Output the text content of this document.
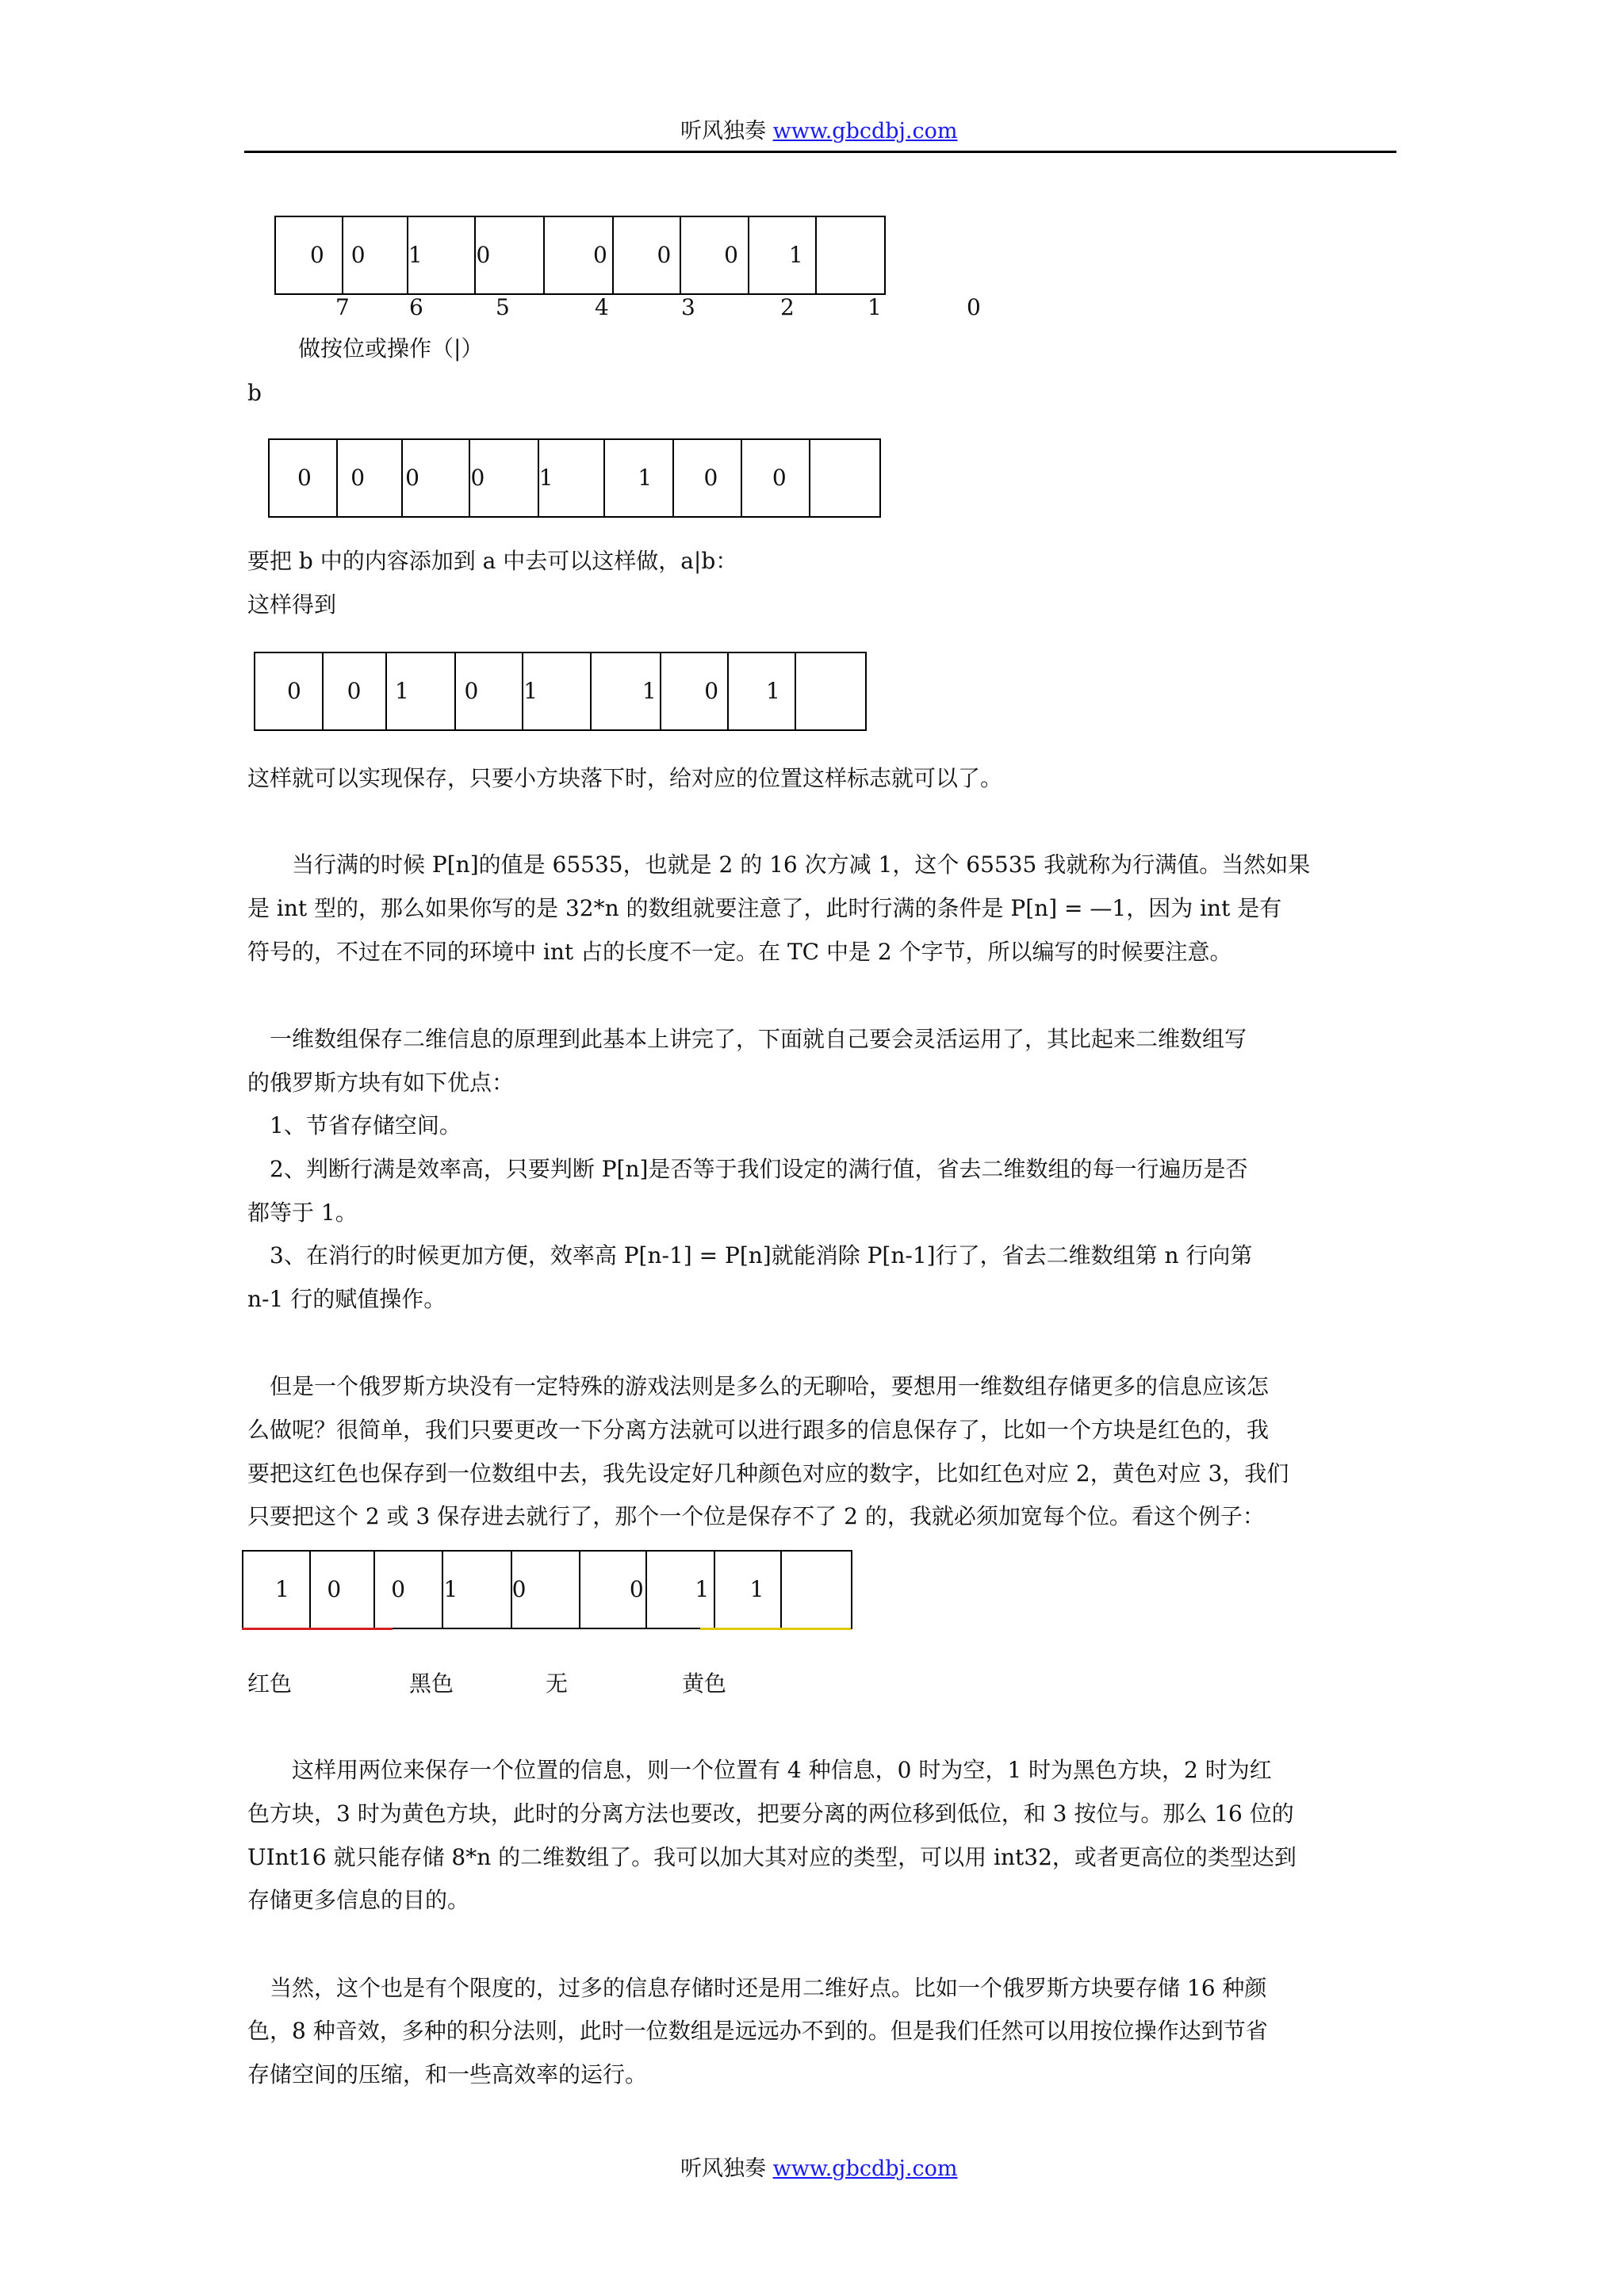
听风独奏 www.gbcdbj.com
0 0 1 0	0 0 0 1
7	6	5	4	3	2	1	0
做按位或操作（|）
b
0 0 0 0 1	1 0 0
要把 b 中的内容添加到 a 中去可以这样做，a|b：
这样得到
0 0 1 0 1	1 0 1
这样就可以实现保存，只要小方块落下时，给对应的位置这样标志就可以了。
　　当行满的时候 P[n]的值是 65535，也就是 2 的 16 次方减 1，这个 65535 我就称为行满值。当然如果
是 int 型的，那么如果你写的是 32*n 的数组就要注意了，此时行满的条件是 P[n] = —1，因为 int 是有
符号的，不过在不同的环境中 int 占的长度不一定。在 TC 中是 2 个字节，所以编写的时候要注意。
　一维数组保存二维信息的原理到此基本上讲完了，下面就自己要会灵活运用了，其比起来二维数组写
的俄罗斯方块有如下优点：
　1、节省存储空间。
　2、判断行满是效率高，只要判断 P[n]是否等于我们设定的满行值，省去二维数组的每一行遍历是否
都等于 1。
　3、在消行的时候更加方便，效率高 P[n-1] = P[n]就能消除 P[n-1]行了，省去二维数组第 n 行向第
n-1 行的赋值操作。
　但是一个俄罗斯方块没有一定特殊的游戏法则是多么的无聊哈，要想用一维数组存储更多的信息应该怎
么做呢？很简单，我们只要更改一下分离方法就可以进行跟多的信息保存了，比如一个方块是红色的，我
要把这红色也保存到一位数组中去，我先设定好几种颜色对应的数字，比如红色对应 2，黄色对应 3，我们
只要把这个 2 或 3 保存进去就行了，那个一个位是保存不了 2 的，我就必须加宽每个位。看这个例子：
1 0 0 1 0	0 1 1
红色	黑色	无	黄色
　　这样用两位来保存一个位置的信息，则一个位置有 4 种信息，0 时为空，1 时为黑色方块，2 时为红
色方块，3 时为黄色方块，此时的分离方法也要改，把要分离的两位移到低位，和 3 按位与。那么 16 位的
UInt16 就只能存储 8*n 的二维数组了。我可以加大其对应的类型，可以用 int32，或者更高位的类型达到
存储更多信息的目的。
　当然，这个也是有个限度的，过多的信息存储时还是用二维好点。比如一个俄罗斯方块要存储 16 种颜
色，8 种音效，多种的积分法则，此时一位数组是远远办不到的。但是我们任然可以用按位操作达到节省
存储空间的压缩，和一些高效率的运行。
听风独奏 www.gbcdbj.com
